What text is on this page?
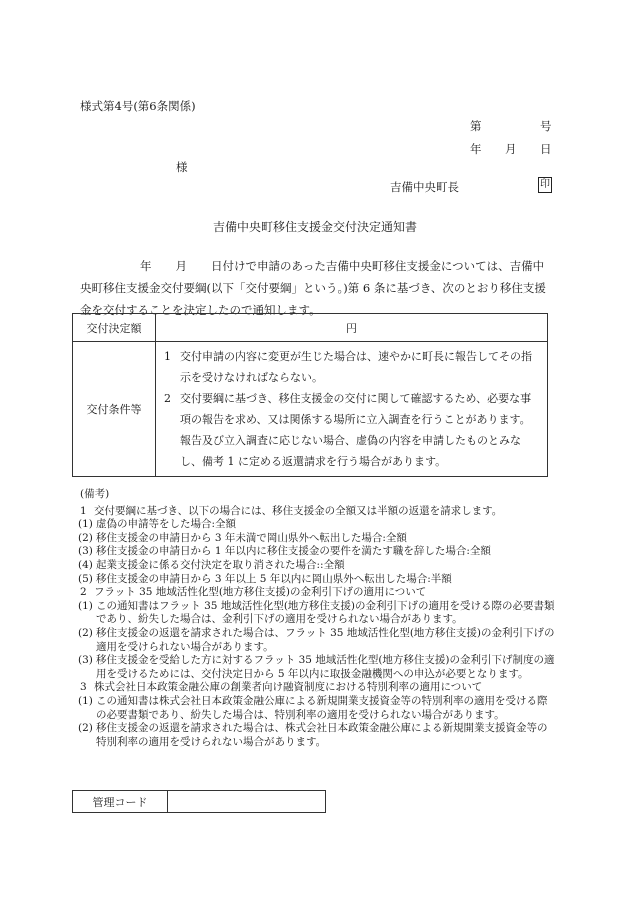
様式第4号(第6条関係)
第	号
年 月 日
様
吉備中央町長	印
吉備中央町移住支援金交付決定通知書
年 月 日付けで申請のあった吉備中央町移住支援金については、吉備中央町移住支援金交付要綱(以下「交付要綱」という。)第 6 条に基づき、次のとおり移住支援金を交付することを決定したので通知します。
交付決定額	円
交付条件等	1 交付申請の内容に変更が生じた場合は、速やかに町長に報告してその指示を受けなければならない。
2 交付要綱に基づき、移住支援金の交付に関して確認するため、必要な事項の報告を求め、又は関係する場所に立入調査を行うことがあります。報告及び立入調査に応じない場合、虚偽の内容を申請したものとみなし、備考 1 に定める返還請求を行う場合があります。
(備考)
1 交付要綱に基づき、以下の場合には、移住支援金の全額又は半額の返還を請求します。
(1) 虚偽の申請等をした場合:全額
(2) 移住支援金の申請日から 3 年未満で岡山県外へ転出した場合:全額
(3) 移住支援金の申請日から 1 年以内に移住支援金の要件を満たす職を辞した場合:全額
(4) 起業支援金に係る交付決定を取り消された場合::全額
(5) 移住支援金の申請日から 3 年以上 5 年以内に岡山県外へ転出した場合:半額
2 フラット 35 地域活性化型(地方移住支援)の金利引下げの適用について
(1) この通知書はフラット 35 地域活性化型(地方移住支援)の金利引下げの適用を受ける際の必要書類であり、紛失した場合は、金利引下げの適用を受けられない場合があります。
(2) 移住支援金の返還を請求された場合は、フラット 35 地域活性化型(地方移住支援)の金利引下げの適用を受けられない場合があります。
(3) 移住支援金を受給した方に対するフラット 35 地域活性化型(地方移住支援)の金利引下げ制度の適用を受けるためには、交付決定日から 5 年以内に取扱金融機関への申込が必要となります。
3 株式会社日本政策金融公庫の創業者向け融資制度における特別利率の適用について
(1) この通知書は株式会社日本政策金融公庫による新規開業支援資金等の特別利率の適用を受ける際の必要書類であり、紛失した場合は、特別利率の適用を受けられない場合があります。
(2) 移住支援金の返還を請求された場合は、株式会社日本政策金融公庫による新規開業支援資金等の特別利率の適用を受けられない場合があります。
管理コード	
